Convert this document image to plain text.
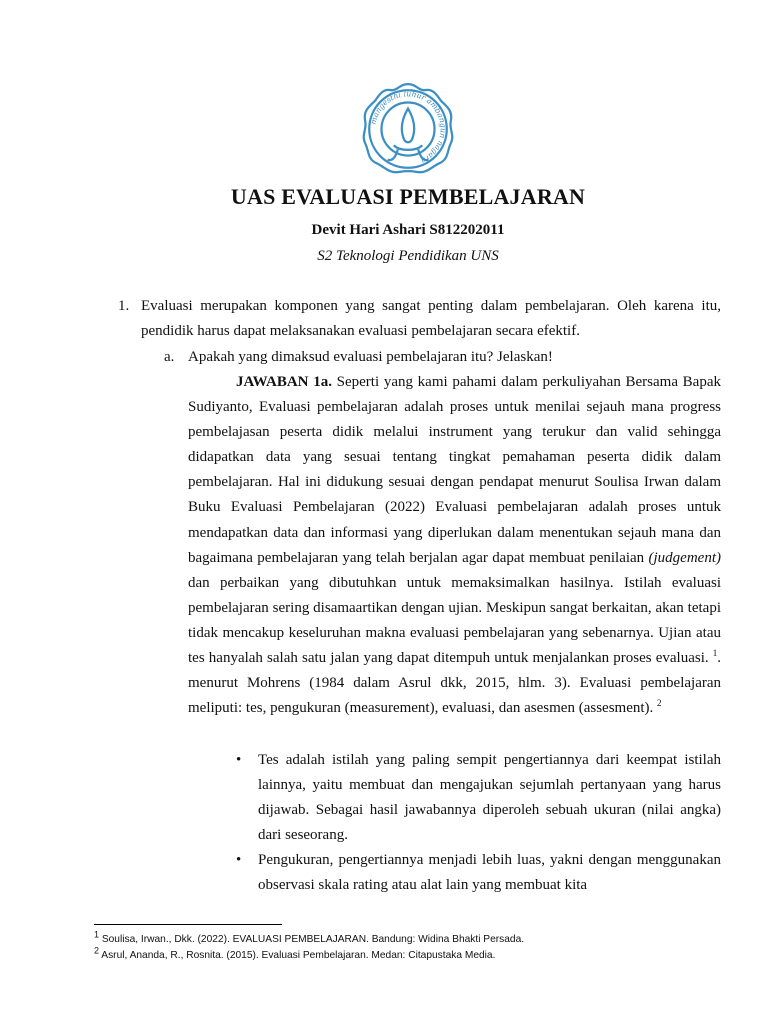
mangesthi luhur ambangun nagara
UAS EVALUASI PEMBELAJARAN
Devit Hari Ashari S812202011
S2 Teknologi Pendidikan UNS
1. Evaluasi merupakan komponen yang sangat penting dalam pembelajaran. Oleh karena itu, pendidik harus dapat melaksanakan evaluasi pembelajaran secara efektif.
a. Apakah yang dimaksud evaluasi pembelajaran itu? Jelaskan!

JAWABAN 1a. Seperti yang kami pahami dalam perkuliyahan Bersama Bapak Sudiyanto, Evaluasi pembelajaran adalah proses untuk menilai sejauh mana progress pembelajasan peserta didik melalui instrument yang terukur dan valid sehingga didapatkan data yang sesuai tentang tingkat pemahaman peserta didik dalam pembelajaran. Hal ini didukung sesuai dengan pendapat menurut Soulisa Irwan dalam Buku Evaluasi Pembelajaran (2022) Evaluasi pembelajaran adalah proses untuk mendapatkan data dan informasi yang diperlukan dalam menentukan sejauh mana dan bagaimana pembelajaran yang telah berjalan agar dapat membuat penilaian (judgement) dan perbaikan yang dibutuhkan untuk memaksimalkan hasilnya. Istilah evaluasi pembelajaran sering disamaartikan dengan ujian. Meskipun sangat berkaitan, akan tetapi tidak mencakup keseluruhan makna evaluasi pembelajaran yang sebenarnya. Ujian atau tes hanyalah salah satu jalan yang dapat ditempuh untuk menjalankan proses evaluasi. $^1$. menurut Mohrens (1984 dalam Asrul dkk, 2015, hlm. 3). Evaluasi pembelajaran meliputi: tes, pengukuran (measurement), evaluasi, dan asesmen (assesment). $^2$

• Tes adalah istilah yang paling sempit pengertiannya dari keempat istilah lainnya, yaitu membuat dan mengajukan sejumlah pertanyaan yang harus dijawab. Sebagai hasil jawabannya diperoleh sebuah ukuran (nilai angka) dari seseorang.
• Pengukuran, pengertiannya menjadi lebih luas, yakni dengan menggunakan observasi skala rating atau alat lain yang membuat kita
$^1$ Soulisa, Irwan., Dkk. (2022). EVALUASI PEMBELAJARAN. Bandung: Widina Bhakti Persada.
$^2$ Asrul, Ananda, R., Rosnita. (2015). Evaluasi Pembelajaran. Medan: Citapustaka Media.
